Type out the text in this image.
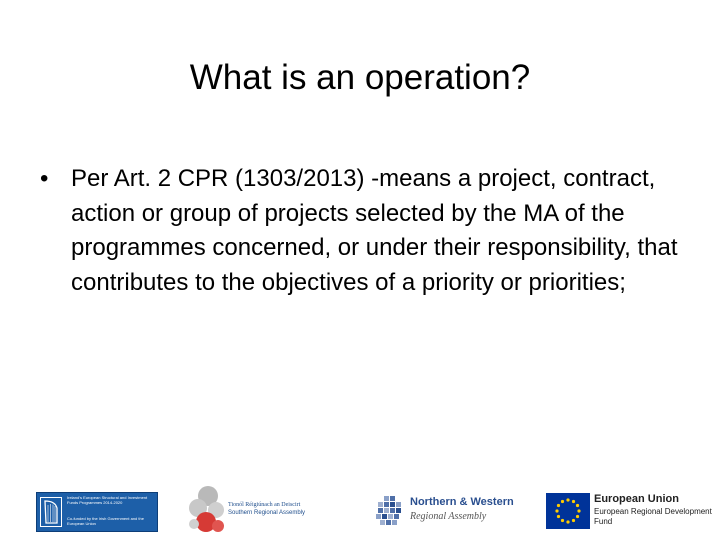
What is an operation?
• Per Art. 2 CPR (1303/2013) -means a project, contract, action or group of projects selected by the MA of the programmes concerned, or under their responsibility, that contributes to the objectives of a priority or priorities;
Ireland's European Structural and Investment Funds Programmes 2014-2020
Co-funded by the Irish Government and the European Union
Tionól Réigiúnach an Deiscirt
Southern Regional Assembly
Northern & Western
Regional Assembly
European Union
European Regional Development Fund
